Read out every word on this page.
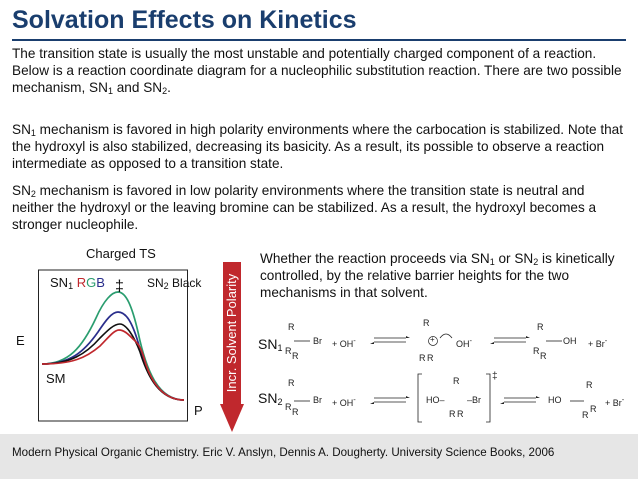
Solvation Effects on Kinetics
The transition state is usually the most unstable and potentially charged component of a reaction. Below is a reaction coordinate diagram for a nucleophilic substitution reaction. There are two possible mechanism, $SN_1$ and $SN_2$.
$SN_1$ mechanism is favored in high polarity environments where the carbocation is stabilized. Note that the hydroxyl is also stabilized, decreasing its basicity. As a result, its possible to observe a reaction intermediate as opposed to a transition state.
$SN_2$ mechanism is favored in low polarity environments where the transition state is neutral and neither the hydroxyl or the leaving bromine can be stabilized. As a result, the hydroxyl becomes a stronger nucleophile.
Charged TS
E
$SN_1$ RGB ‡ $SN_2$ Black
SM
P
Incr. Solvent Polarity
Whether the reaction proceeds via $SN_1$ or $SN_2$ is kinetically controlled, by the relative barrier heights for the two mechanisms in that solvent.
$SN_1$
$SN_2$
R
R R
Br + OH-
R
+
R R
OH-
R
R R
OH + Br-
R
R R
Br + OH-
R
HO– –Br
R R
‡
HO
R
R
R
+ Br-
Modern Physical Organic Chemistry. Eric V. Anslyn, Dennis A. Dougherty. University Science Books, 2006
